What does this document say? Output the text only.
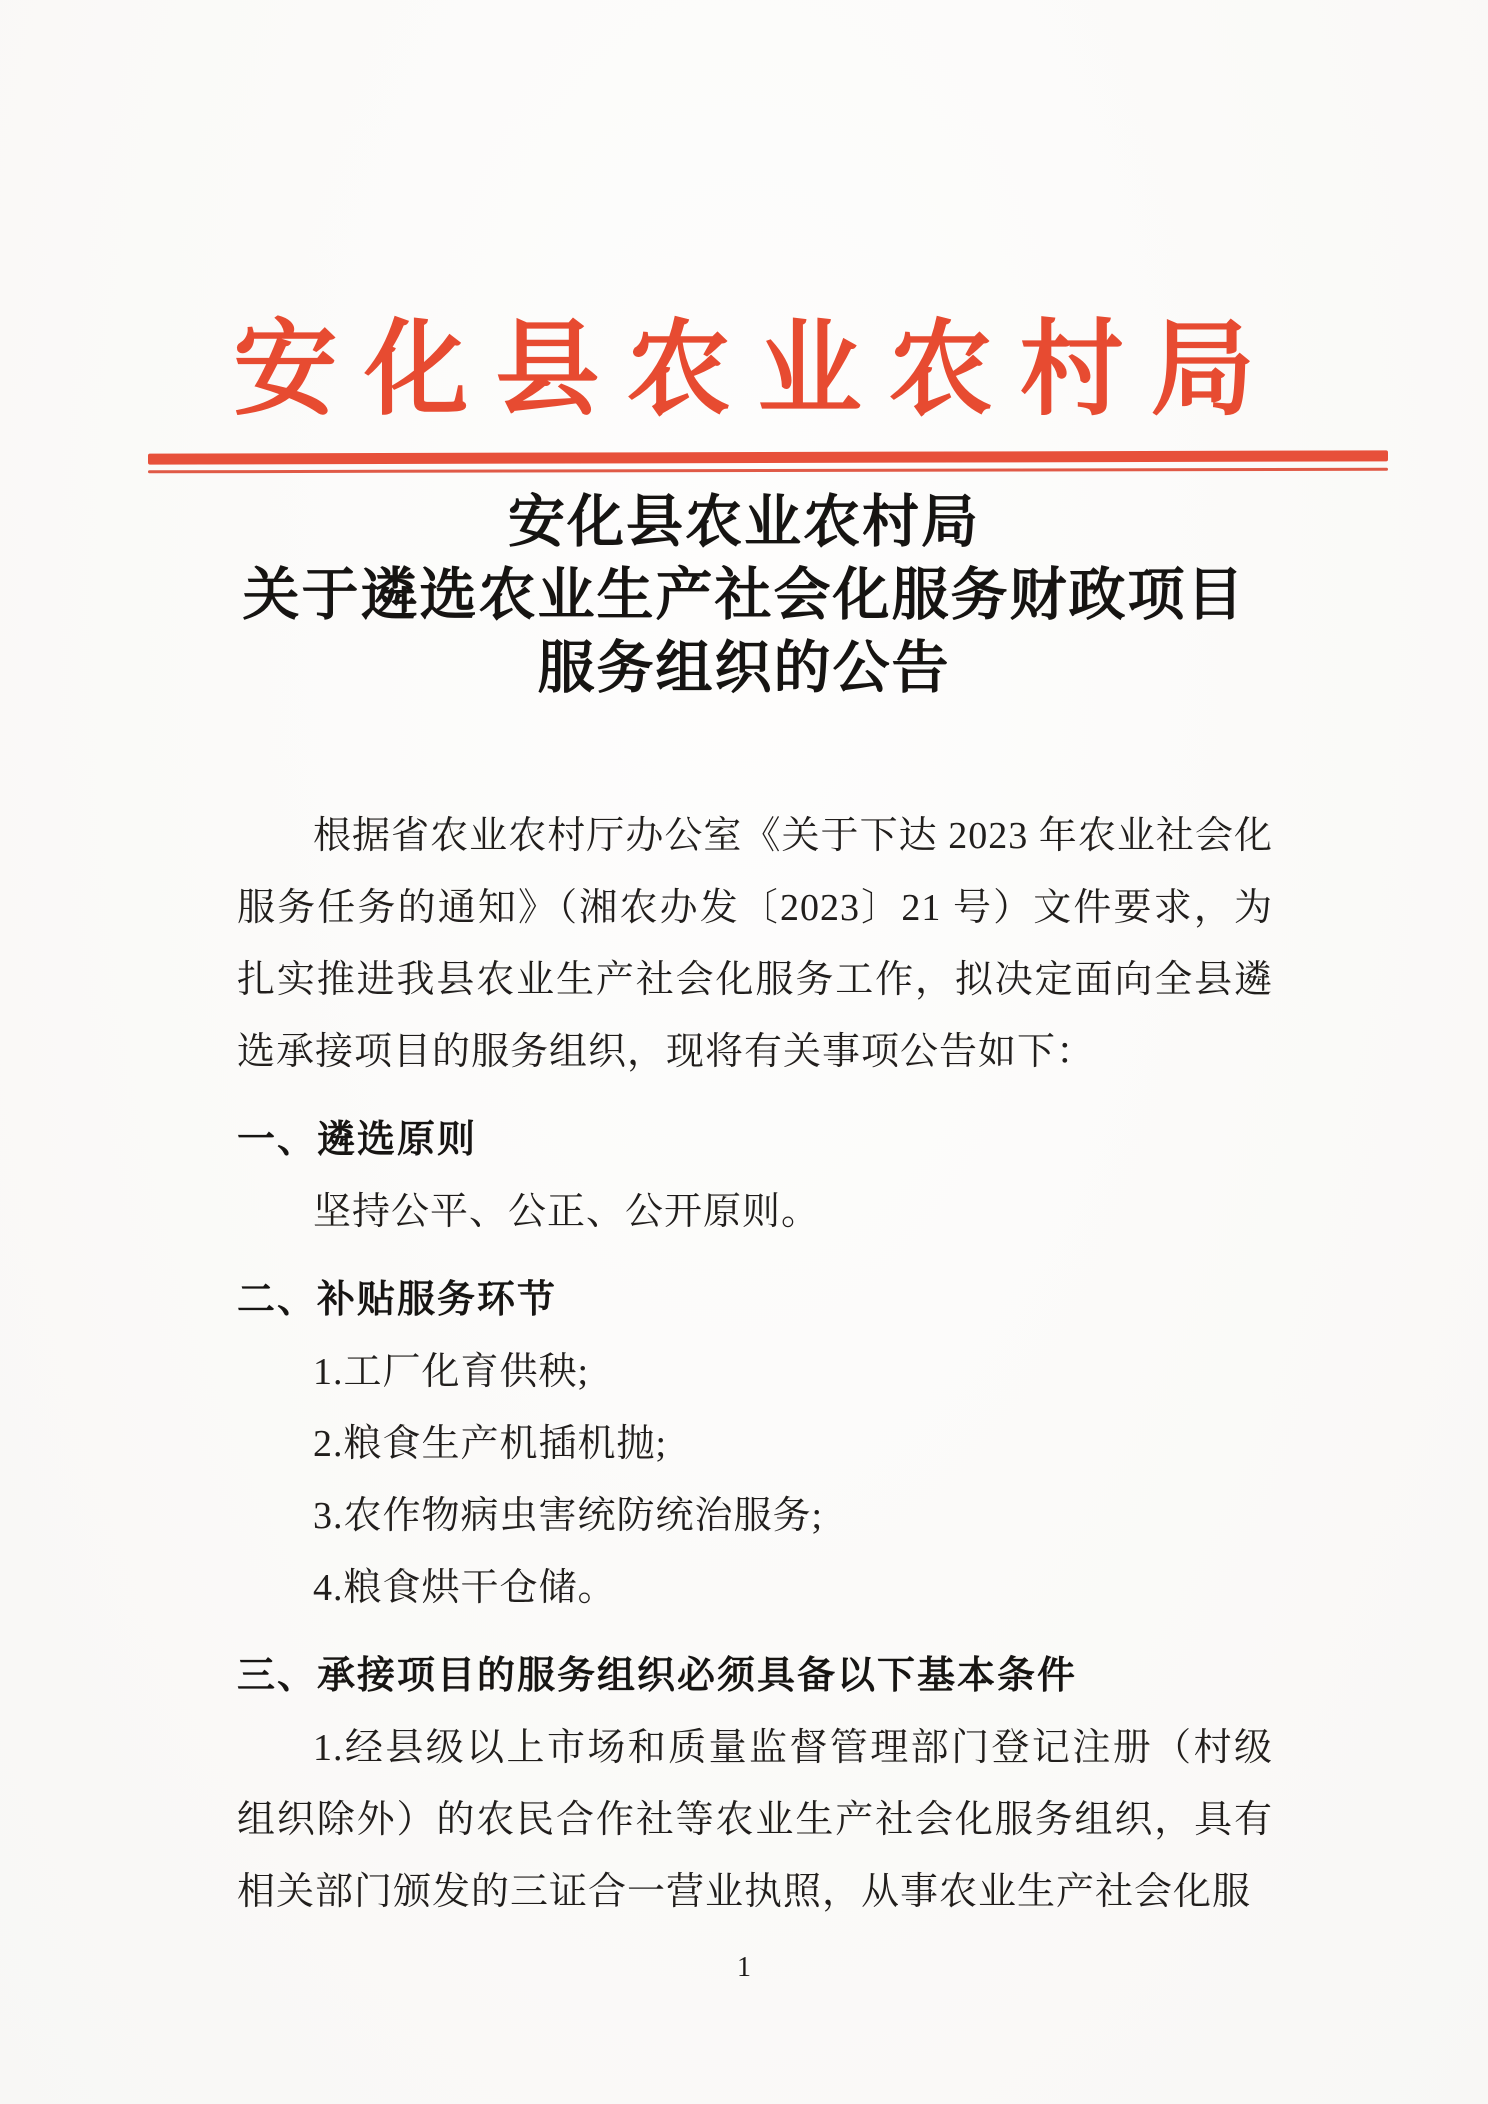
安化县农业农村局
安化县农业农村局
关于遴选农业生产社会化服务财政项目
服务组织的公告

根据省农业农村厅办公室《关于下达 2023 年农业社会化服务任务的通知》（湘农办发〔2023〕21 号）文件要求，为扎实推进我县农业生产社会化服务工作，拟决定面向全县遴选承接项目的服务组织，现将有关事项公告如下：

一、遴选原则

坚持公平、公正、公开原则。

二、补贴服务环节

1.工厂化育供秧;

2.粮食生产机插机抛;

3.农作物病虫害统防统治服务;

4.粮食烘干仓储。

三、承接项目的服务组织必须具备以下基本条件

1.经县级以上市场和质量监督管理部门登记注册（村级组织除外）的农民合作社等农业生产社会化服务组织，具有相关部门颁发的三证合一营业执照，从事农业生产社会化服

1
